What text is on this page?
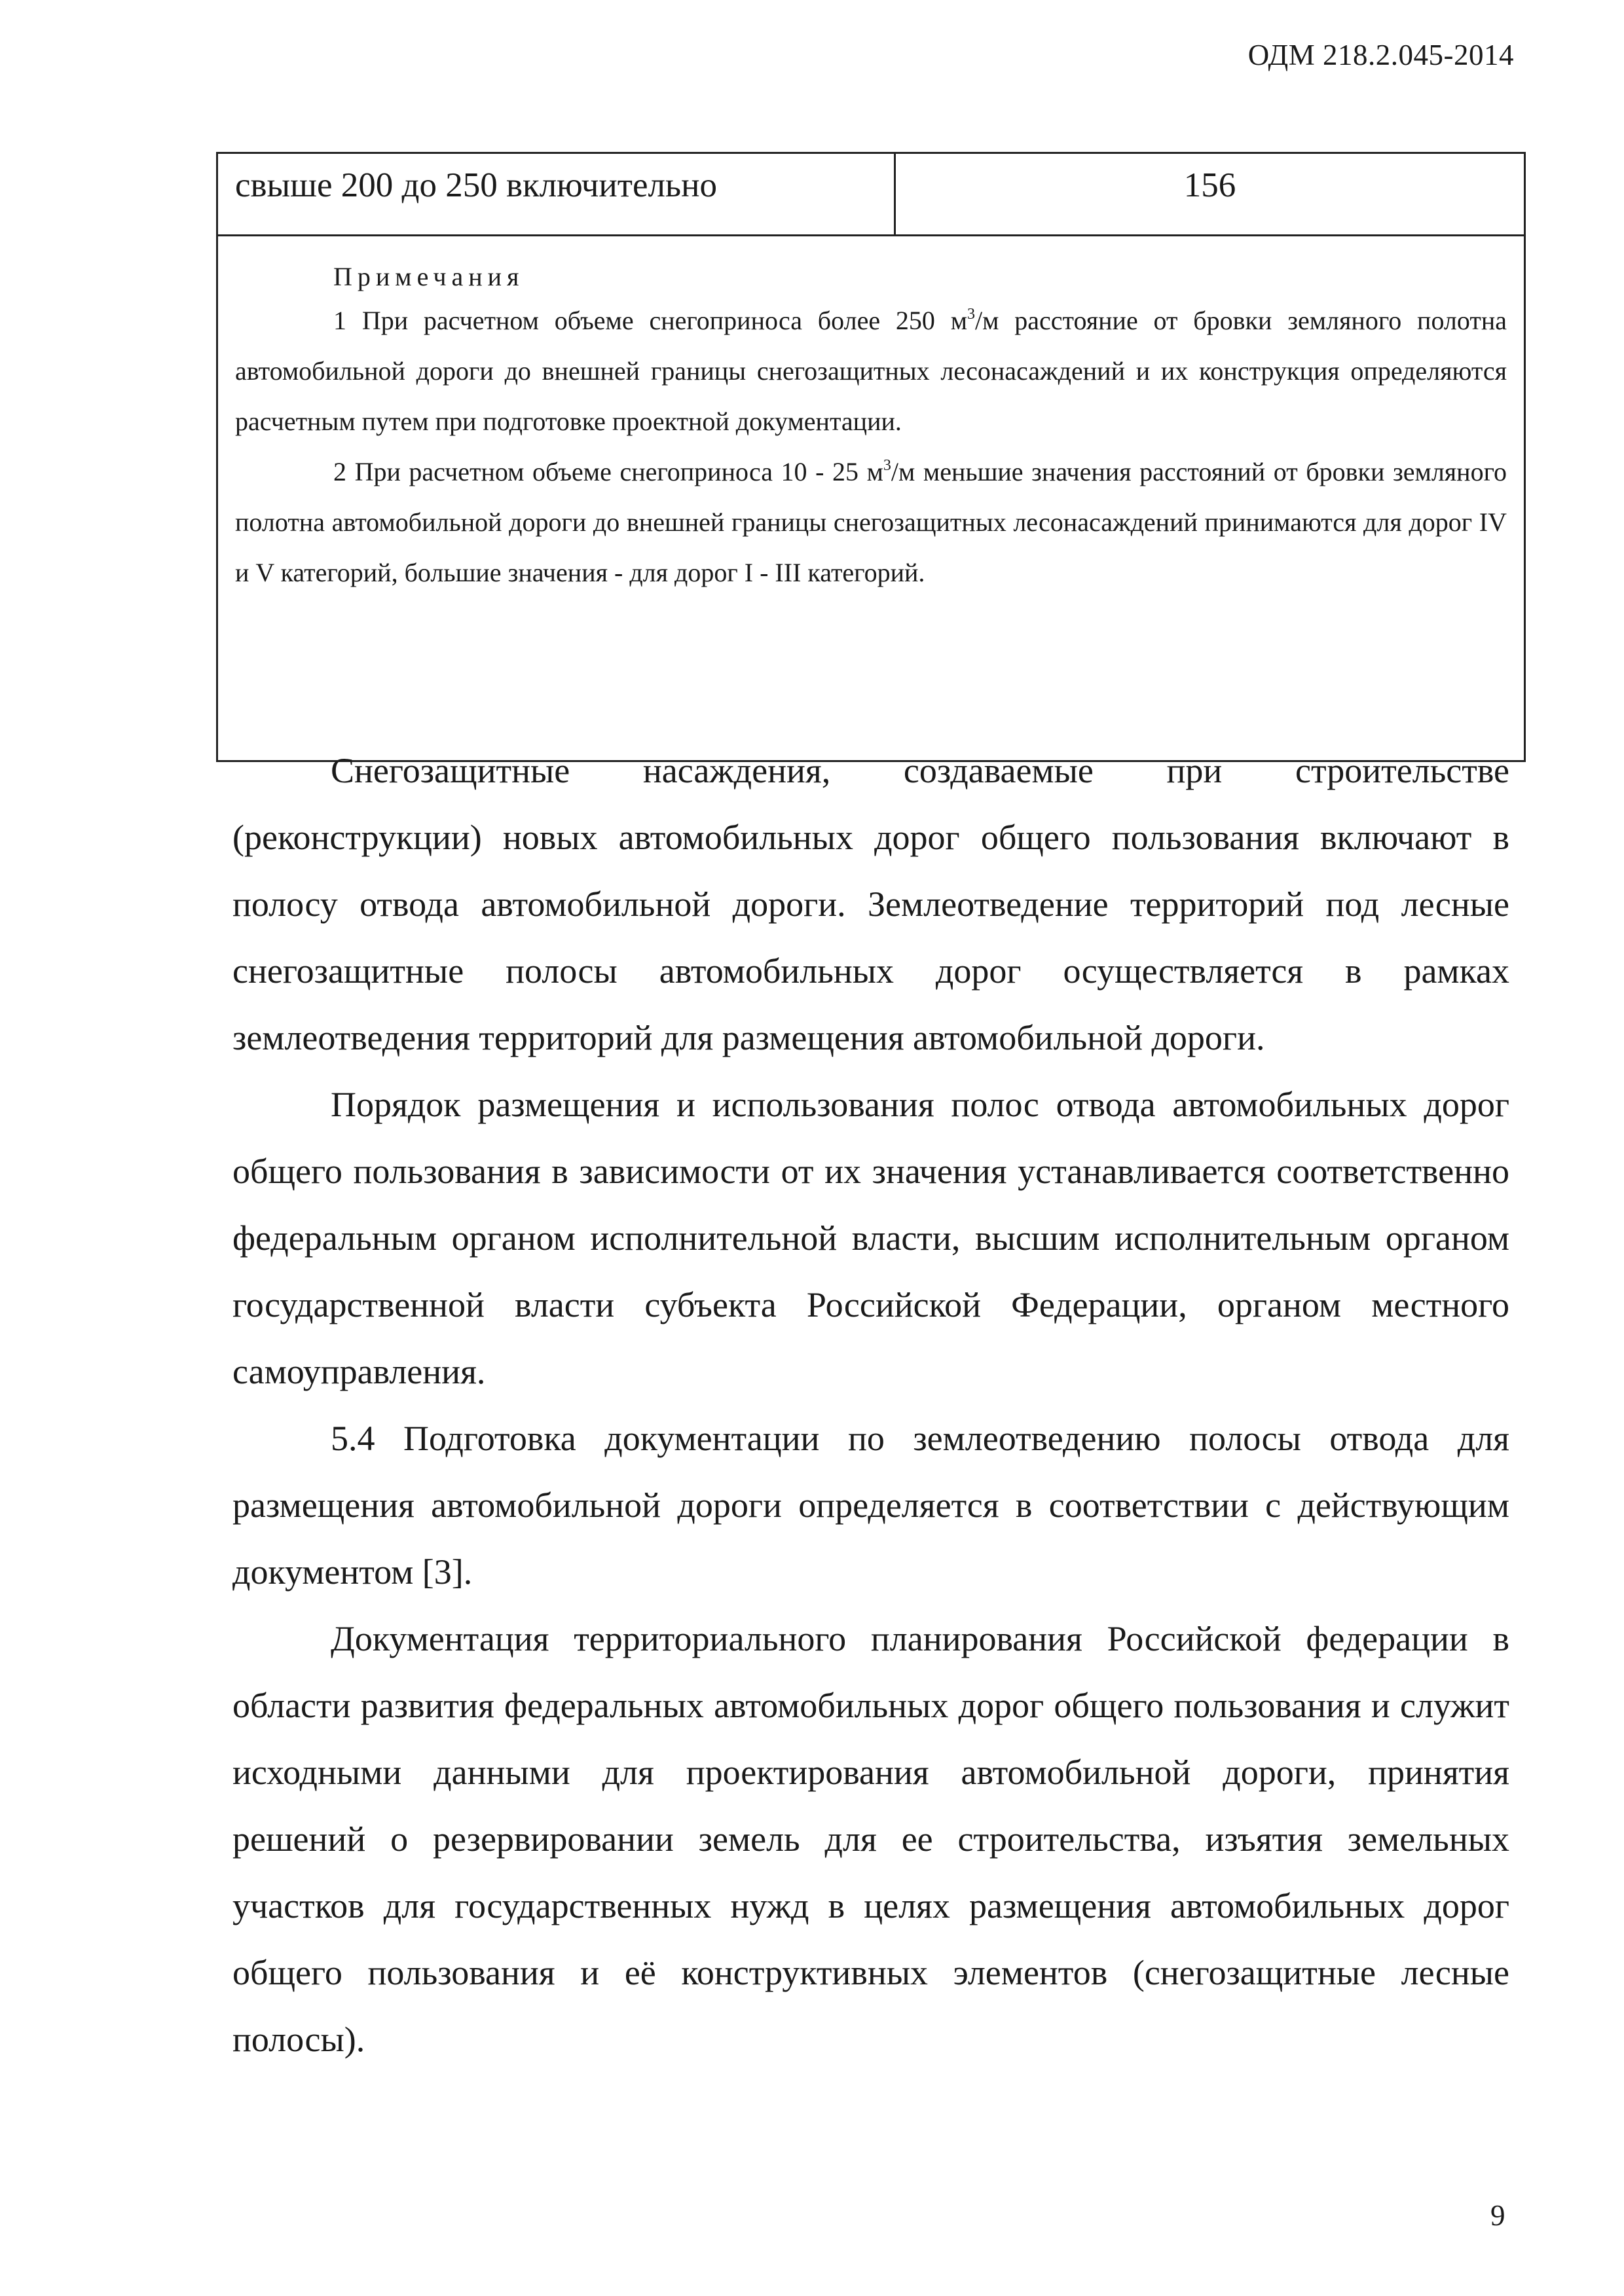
ОДМ 218.2.045-2014
свыше 200 до 250 включительно	156
Примечания
1 При расчетном объеме снегоприноса более 250 $м^3/м$ расстояние от бровки земляного полотна автомобильной дороги до внешней границы снегозащитных лесонасаждений и их конструкция определяются расчетным путем при подготовке проектной документации.
2 При расчетном объеме снегоприноса 10 - 25 $м^3/м$ меньшие значения расстояний от бровки земляного полотна автомобильной дороги до внешней границы снегозащитных лесонасаждений принимаются для дорог IV и V категорий, большие значения - для дорог I - III категорий.

Снегозащитные насаждения, создаваемые при строительстве (реконструкции) новых автомобильных дорог общего пользования включают в полосу отвода автомобильной дороги. Землеотведение территорий под лесные снегозащитные полосы автомобильных дорог осуществляется в рамках землеотведения территорий для размещения автомобильной дороги.

Порядок размещения и использования полос отвода автомобильных дорог общего пользования в зависимости от их значения устанавливается соответственно федеральным органом исполнительной власти, высшим исполнительным органом государственной власти субъекта Российской Федерации, органом местного самоуправления.

5.4 Подготовка документации по землеотведению полосы отвода для размещения автомобильной дороги определяется в соответствии с действующим документом [3].

Документация территориального планирования Российской федерации в области развития федеральных автомобильных дорог общего пользования и служит исходными данными для проектирования автомобильной дороги, принятия решений о резервировании земель для ее строительства, изъятия земельных участков для государственных нужд в целях размещения автомобильных дорог общего пользования и её конструктивных элементов (снегозащитные лесные полосы).

9
